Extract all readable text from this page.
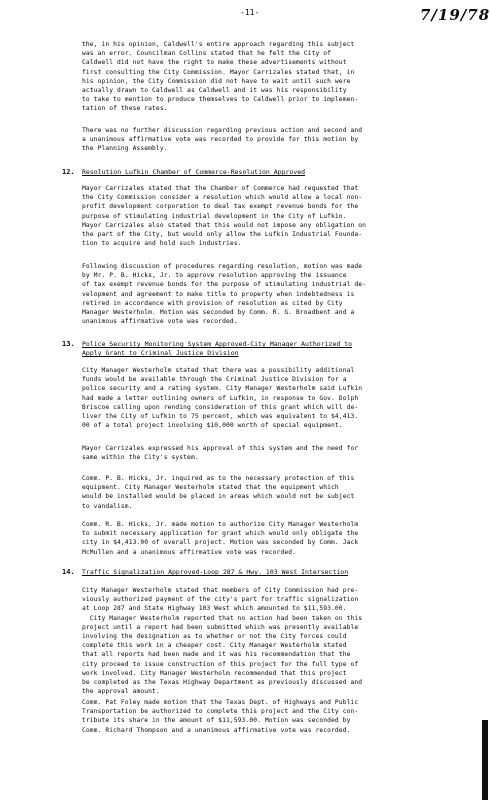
-11-	7/19/78
the, in his opinion, Caldwell's entire approach regarding this subject
was an error. Councilman Collins stated that he felt the City of
Caldwell did not have the right to make these advertisements without
first consulting the City Commission. Mayor Carrizales stated that, in
his opinion, the City Commission did not have to wait until such were
actually drawn to Caldwell as Caldwell and it was his responsibility
to take to mention to produce themselves to Caldwell prior to implemen-
tation of these rates.
There was no further discussion regarding previous action and second and
a unanimous affirmative vote was recorded to provide for this motion by
the Planning Assembly.
12. Resolution Lufkin Chamber of Commerce-Resolution Approved
Mayor Carrizales stated that the Chamber of Commerce had requested that
the City Commission consider a resolution which would allow a local non-
profit development corporation to deal tax exempt revenue bonds for the
purpose of stimulating industrial development in the City of Lufkin.
Mayor Carrizales also stated that this would not impose any obligation on
the part of the City, but would only allow the Lufkin Industrial Founda-
tion to acquire and hold such industries.
Following discussion of procedures regarding resolution, motion was made
by Mr. P. B. Hicks, Jr. to approve resolution approving the issuance
of tax exempt revenue bonds for the purpose of stimulating industrial de-
velopment and agreement to make title to property when indebtedness is
retired in accordance with provision of resolution as cited by City
Manager Westerholm. Motion was seconded by Comm. R. G. Broadbent and a
unanimous affirmative vote was recorded.
13. Police Security Monitoring System Approved-City Manager Authorized to
Apply Grant to Criminal Justice Division
City Manager Westerholm stated that there was a possibility additional
funds would be available through the Criminal Justice Division for a
police security and a rating system. City Manager Westerholm said Lufkin
had made a letter outlining owners of Lufkin, in response to Gov. Dolph
Briscoe calling upon rending consideration of this grant which will de-
liver the City of Lufkin to 75 percent, which was equivalent to $4,413.
00 of a total project involving $10,000 worth of special equipment.
Mayor Carrizales expressed his approval of this system and the need for
same within the City's system.
Comm. P. B. Hicks, Jr. inquired as to the necessary protection of this
equipment. City Manager Westerholm stated that the equipment which
would be installed would be placed in areas which would not be subject
to vandalism.
Comm. R. B. Hicks, Jr. made motion to authorize City Manager Westerholm
to submit necessary application for grant which would only obligate the
city in $4,413.00 of overall project. Motion was seconded by Comm. Jack
McMullen and a unanimous affirmative vote was recorded.
14. Traffic Signalization Approved-Loop 287 & Hwy. 103 West Intersection
City Manager Westerholm stated that members of City Commission had pre-
viously authorized payment of the city's part for traffic signalization
at Loop 287 and State Highway 103 West which amounted to $11,593.00.
City Manager Westerholm reported that no action had been taken on this
project until a report had been submitted which was presently available
involving the designation as to whether or not the City forces could
complete this work in a cheaper cost. City Manager Westerholm stated
that all reports had been made and it was his recommendation that the
city proceed to issue construction of this project for the full type of
work involved. City Manager Westerholm recommended that this project
be completed as the Texas Highway Department as previously discussed and
the approval amount.
Comm. Pat Foley made motion that the Texas Dept. of Highways and Public
Transportation be authorized to complete this project and the City con-
tribute its share in the amount of $11,593.00. Motion was seconded by
Comm. Richard Thompson and a unanimous affirmative vote was recorded.
